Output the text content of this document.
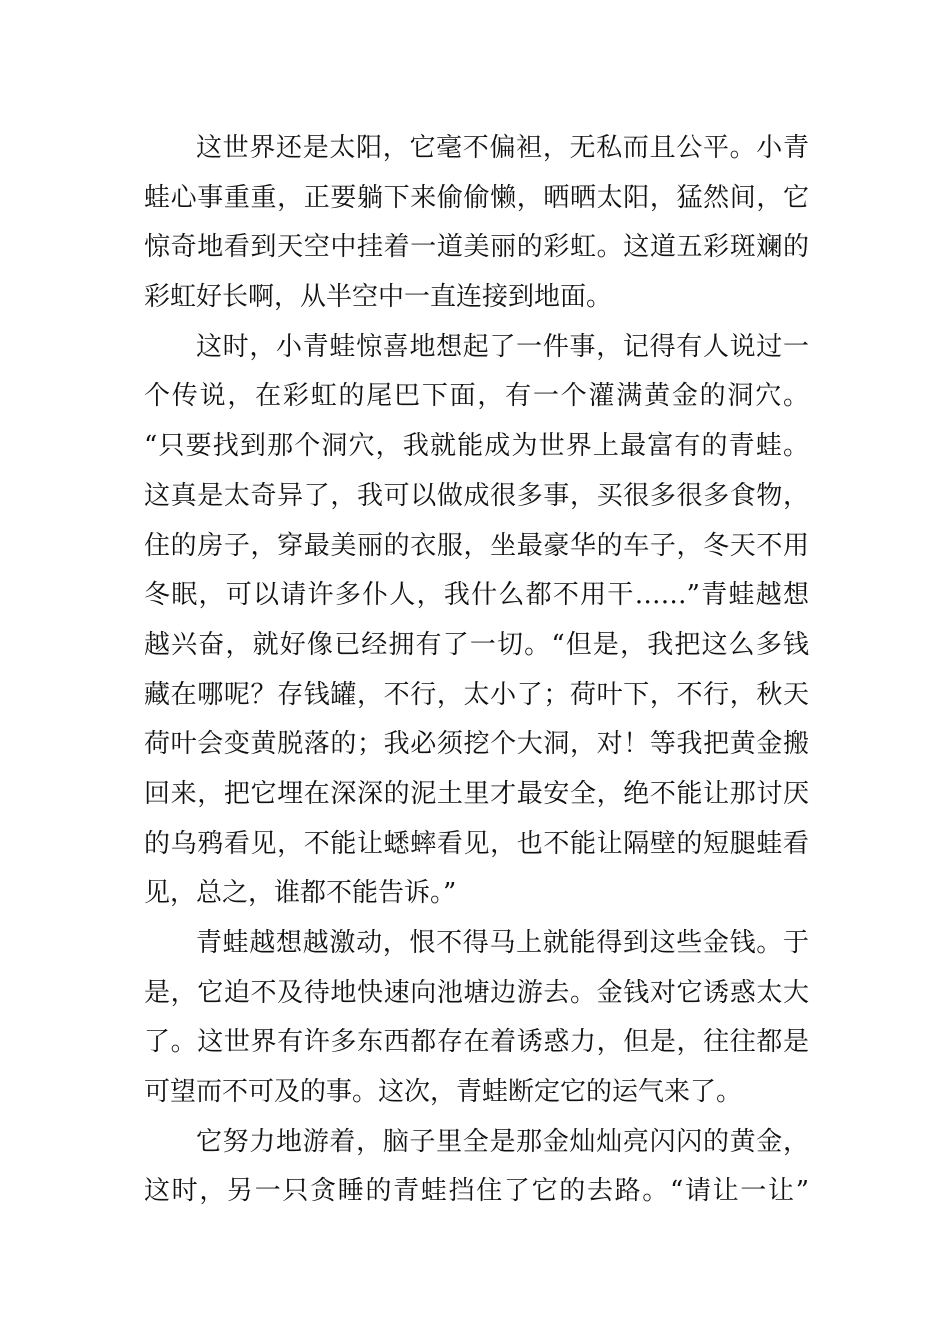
这世界还是太阳，它毫不偏袒，无私而且公平。小青
蛙心事重重，正要躺下来偷偷懒，晒晒太阳，猛然间，它
惊奇地看到天空中挂着一道美丽的彩虹。这道五彩斑斓的
彩虹好长啊，从半空中一直连接到地面。
这时，小青蛙惊喜地想起了一件事，记得有人说过一
个传说，在彩虹的尾巴下面，有一个灌满黄金的洞穴。
“只要找到那个洞穴，我就能成为世界上最富有的青蛙。
这真是太奇异了，我可以做成很多事，买很多很多食物，
住的房子，穿最美丽的衣服，坐最豪华的车子，冬天不用
冬眠，可以请许多仆人，我什么都不用干……”青蛙越想
越兴奋，就好像已经拥有了一切。“但是，我把这么多钱
藏在哪呢？存钱罐，不行，太小了；荷叶下，不行，秋天
荷叶会变黄脱落的；我必须挖个大洞，对！等我把黄金搬
回来，把它埋在深深的泥土里才最安全，绝不能让那讨厌
的乌鸦看见，不能让蟋蟀看见，也不能让隔壁的短腿蛙看
见，总之，谁都不能告诉。”
青蛙越想越激动，恨不得马上就能得到这些金钱。于
是，它迫不及待地快速向池塘边游去。金钱对它诱惑太大
了。这世界有许多东西都存在着诱惑力，但是，往往都是
可望而不可及的事。这次，青蛙断定它的运气来了。
它努力地游着，脑子里全是那金灿灿亮闪闪的黄金，
这时，另一只贪睡的青蛙挡住了它的去路。“请让一让”
